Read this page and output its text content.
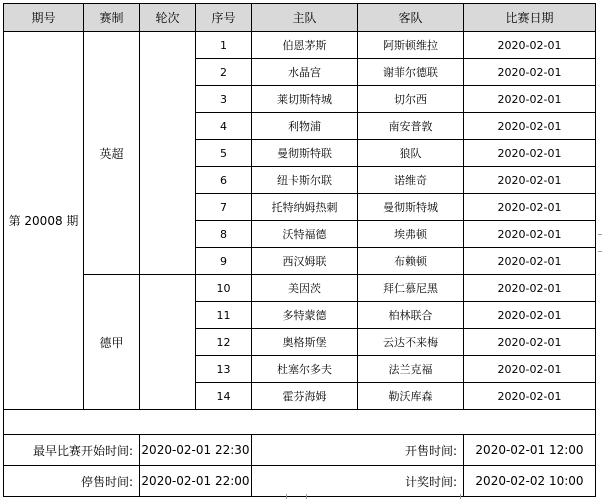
期号	赛制	轮次	序号	主队	客队	比赛日期
第 20008 期	英超		1	伯恩茅斯	阿斯顿维拉	2020-02-01
			2	水晶宫	谢菲尔德联	2020-02-01
			3	莱切斯特城	切尔西	2020-02-01
			4	利物浦	南安普敦	2020-02-01
			5	曼彻斯特联	狼队	2020-02-01
			6	纽卡斯尔联	诺维奇	2020-02-01
			7	托特纳姆热刺	曼彻斯特城	2020-02-01
			8	沃特福德	埃弗顿	2020-02-01
			9	西汉姆联	布赖顿	2020-02-01
	德甲		10	美因茨	拜仁慕尼黑	2020-02-01
			11	多特蒙德	柏林联合	2020-02-01
			12	奥格斯堡	云达不来梅	2020-02-01
			13	杜塞尔多夫	法兰克福	2020-02-01
			14	霍芬海姆	勒沃库森	2020-02-01

最早比赛开始时间:		2020-02-01 22:30		开售时间:		2020-02-01 12:00
停售时间:		2020-02-01 22:00		计奖时间:		2020-02-02 10:00
